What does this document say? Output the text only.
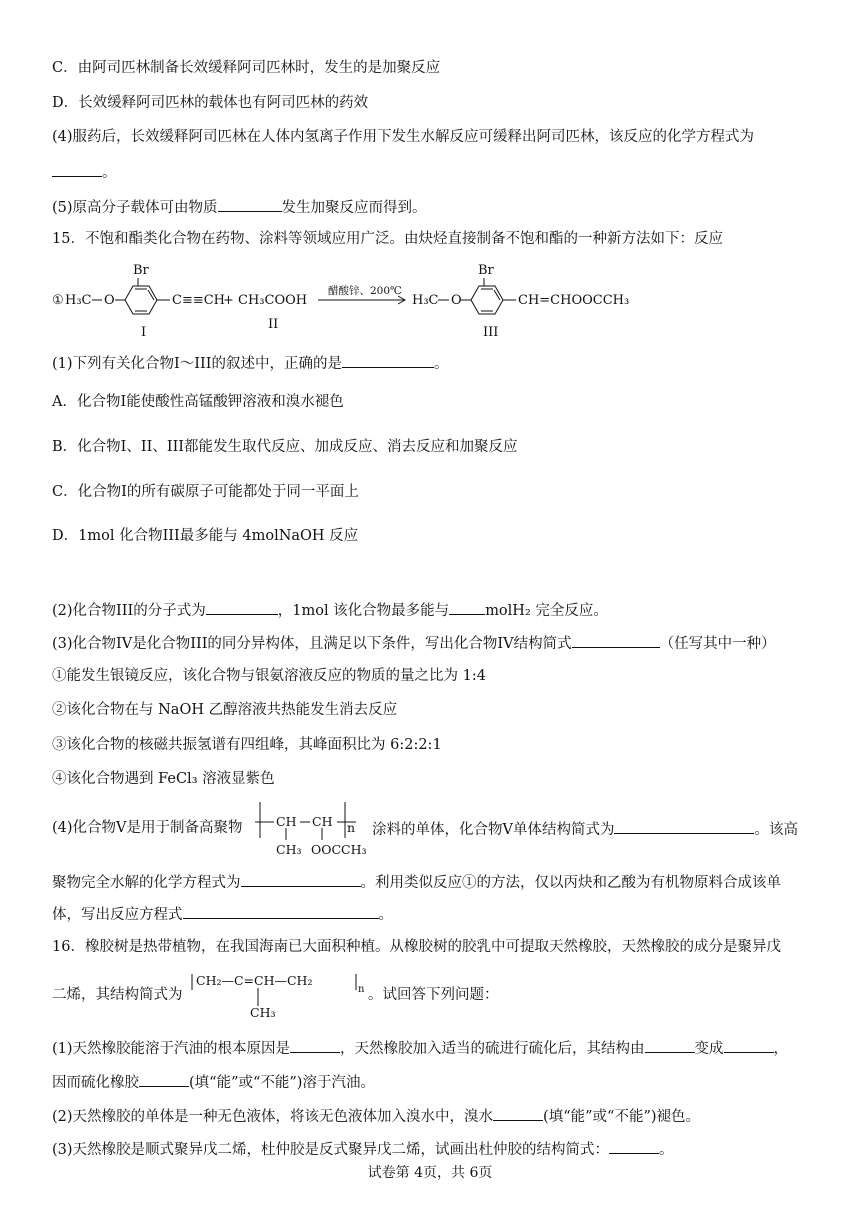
C．由阿司匹林制备长效缓释阿司匹林时，发生的是加聚反应
D．长效缓释阿司匹林的载体也有阿司匹林的药效
(4)服药后，长效缓释阿司匹林在人体内氢离子作用下发生水解反应可缓释出阿司匹林，该反应的化学方程式为
。
(5)原高分子载体可由物质	发生加聚反应而得到。
15．不饱和酯类化合物在药物、涂料等领域应用广泛。由炔烃直接制备不饱和酯的一种新方法如下：反应
① H₃C O
Br
C≡≡CH
+ CH₃COOH
醋酸锌、200℃
H₃C O
Br
CH=CHOOCCH₃
I
II
III
(1)下列有关化合物I～III的叙述中，正确的是	。
A．化合物I能使酸性高锰酸钾溶液和溴水褪色
B．化合物I、II、III都能发生取代反应、加成反应、消去反应和加聚反应
C．化合物I的所有碳原子可能都处于同一平面上
D．1mol 化合物III最多能与 4molNaOH 反应
(2)化合物III的分子式为	，1mol 该化合物最多能与 molH₂ 完全反应。
(3)化合物IV是化合物III的同分异构体，且满足以下条件，写出化合物IV结构简式	（任写其中一种）
①能发生银镜反应，该化合物与银氨溶液反应的物质的量之比为 1:4
②该化合物在与 NaOH 乙醇溶液共热能发生消去反应
③该化合物的核磁共振氢谱有四组峰，其峰面积比为 6:2:2:1
④该化合物遇到 FeCl₃ 溶液显紫色
(4)化合物V是用于制备高聚物	CH CH n
CH₃ OOCCH₃
涂料的单体，化合物V单体结构简式为	。该高
聚物完全水解的化学方程式为	。利用类似反应①的方法，仅以丙炔和乙酸为有机物原料合成该单
体，写出反应方程式	。
16．橡胶树是热带植物，在我国海南已大面积种植。从橡胶树的胶乳中可提取天然橡胶，天然橡胶的成分是聚异戊
二烯，其结构简式为
CH₂—C=CH—CH₂
n
CH₃
。试回答下列问题：
(1)天然橡胶能溶于汽油的根本原因是	，天然橡胶加入适当的硫进行硫化后，其结构由	变成	，
因而硫化橡胶	(填“能”或“不能”)溶于汽油。
(2)天然橡胶的单体是一种无色液体，将该无色液体加入溴水中，溴水	(填“能”或“不能”)褪色。
(3)天然橡胶是顺式聚异戊二烯，杜仲胶是反式聚异戊二烯，试画出杜仲胶的结构简式：	。
试卷第 4页，共 6页
